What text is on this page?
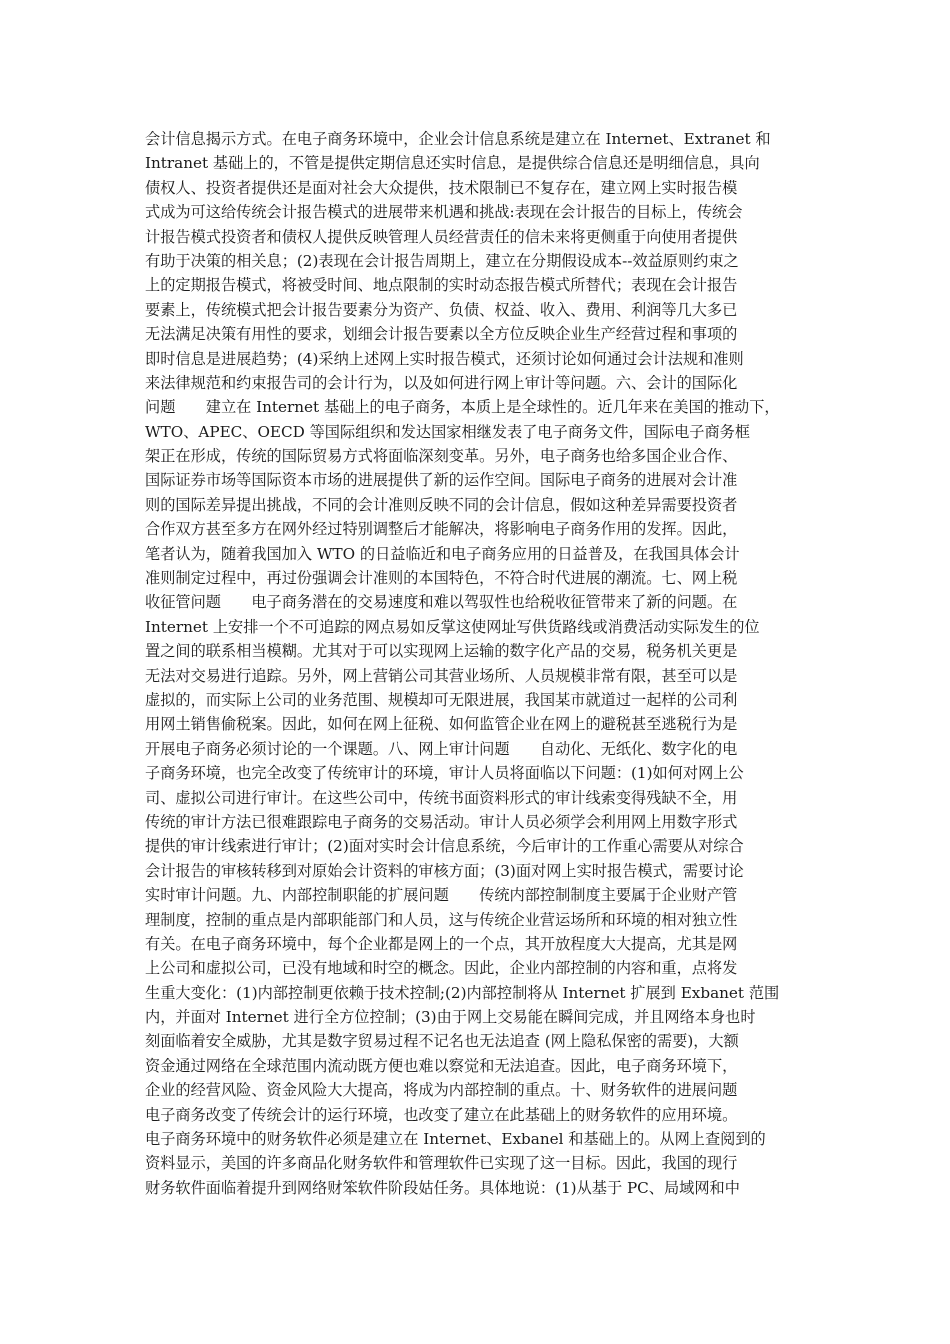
会计信息揭示方式。在电子商务环境中，企业会计信息系统是建立在 Internet、Extranet 和
Intranet 基础上的，不管是提供定期信息还实时信息，是提供综合信息还是明细信息，具向
债权人、投资者提供还是面对社会大众提供，技术限制已不复存在，建立网上实时报告模
式成为可这给传统会计报告模式的进展带来机遇和挑战:表现在会计报告的目标上，传统会
计报告模式投资者和债权人提供反映管理人员经营责任的信未来将更侧重于向使用者提供
有助于决策的相关息；(2)表现在会计报告周期上，建立在分期假设成本--效益原则约束之
上的定期报告模式，将被受时间、地点限制的实时动态报告模式所替代；表现在会计报告
要素上，传统模式把会计报告要素分为资产、负债、权益、收入、费用、利润等几大多已
无法满足决策有用性的要求，划细会计报告要素以全方位反映企业生产经营过程和事项的
即时信息是进展趋势；(4)采纳上述网上实时报告模式，还须讨论如何通过会计法规和准则
来法律规范和约束报告司的会计行为，以及如何进行网上审计等问题。六、会计的国际化
问题　　建立在 Internet 基础上的电子商务，本质上是全球性的。近几年来在美国的推动下，
WTO、APEC、OECD 等国际组织和发达国家相继发表了电子商务文件，国际电子商务框
架正在形成，传统的国际贸易方式将面临深刻变革。另外，电子商务也给多国企业合作、
国际证券市场等国际资本市场的进展提供了新的运作空间。国际电子商务的进展对会计准
则的国际差异提出挑战，不同的会计准则反映不同的会计信息，假如这种差异需要投资者
合作双方甚至多方在网外经过特别调整后才能解决，将影响电子商务作用的发挥。因此，
笔者认为，随着我国加入 WTO 的日益临近和电子商务应用的日益普及，在我国具体会计
准则制定过程中，再过份强调会计准则的本国特色，不符合时代进展的潮流。七、网上税
收征管问题　　电子商务潜在的交易速度和难以驾驭性也给税收征管带来了新的问题。在
Internet 上安排一个不可追踪的网点易如反掌这使网址写供货路线或消费活动实际发生的位
置之间的联系相当模糊。尤其对于可以实现网上运输的数字化产品的交易，税务机关更是
无法对交易进行追踪。另外，网上营销公司其营业场所、人员规模非常有限，甚至可以是
虚拟的，而实际上公司的业务范围、规模却可无限进展，我国某市就道过一起样的公司利
用网土销售偷税案。因此，如何在网上征税、如何监管企业在网上的避税甚至逃税行为是
开展电子商务必须讨论的一个课题。八、网上审计问题　　自动化、无纸化、数字化的电
子商务环境，也完全改变了传统审计的环境，审计人员将面临以下问题：(1)如何对网上公
司、虚拟公司进行审计。在这些公司中，传统书面资料形式的审计线索变得残缺不全，用
传统的审计方法已很难跟踪电子商务的交易活动。审计人员必须学会利用网上用数字形式
提供的审计线索进行审计；(2)面对实时会计信息系统，今后审计的工作重心需要从对综合
会计报告的审核转移到对原始会计资料的审核方面；(3)面对网上实时报告模式，需要讨论
实时审计问题。九、内部控制职能的扩展问题　　传统内部控制制度主要属于企业财产管
理制度，控制的重点是内部职能部门和人员，这与传统企业营运场所和环境的相对独立性
有关。在电子商务环境中，每个企业都是网上的一个点，其开放程度大大提高，尤其是网
上公司和虚拟公司，已没有地域和时空的概念。因此，企业内部控制的内容和重，点将发
生重大变化：(1)内部控制更依赖于技术控制;(2)内部控制将从 Internet 扩展到 Exbanet 范围
内，并面对 Internet 进行全方位控制；(3)由于网上交易能在瞬间完成，并且网络本身也时
刻面临着安全威胁，尤其是数字贸易过程不记名也无法追查 (网上隐私保密的需要)，大额
资金通过网络在全球范围内流动既方便也难以察觉和无法追查。因此，电子商务环境下，
企业的经营风险、资金风险大大提高，将成为内部控制的重点。十、财务软件的进展问题
电子商务改变了传统会计的运行环境，也改变了建立在此基础上的财务软件的应用环境。
电子商务环境中的财务软件必须是建立在 Internet、Exbanel 和基础上的。从网上查阅到的
资料显示，美国的许多商品化财务软件和管理软件已实现了这一目标。因此，我国的现行
财务软件面临着提升到网络财笨软件阶段姑任务。具体地说：(1)从基于 PC、局域网和中
